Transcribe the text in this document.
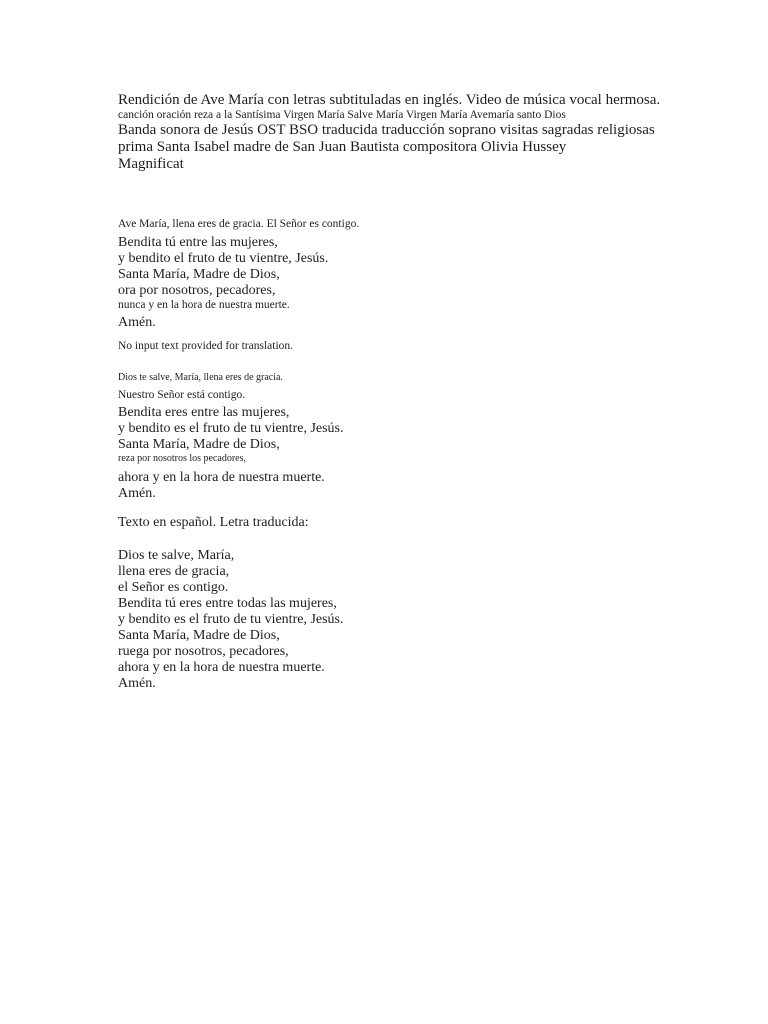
Rendición de Ave María con letras subtituladas en inglés. Video de música vocal hermosa.
canción oración reza a la Santísima Virgen María Salve María Virgen María Avemaría santo Dios
Banda sonora de Jesús OST BSO traducida traducción soprano visitas sagradas religiosas
prima Santa Isabel madre de San Juan Bautista compositora Olivia Hussey
Magnificat
Ave María, llena eres de gracia. El Señor es contigo.
Bendita tú entre las mujeres,
y bendito el fruto de tu vientre, Jesús.
Santa María, Madre de Dios,
ora por nosotros, pecadores,
nunca y en la hora de nuestra muerte.
Amén.
No input text provided for translation.
Dios te salve, María, llena eres de gracia.
Nuestro Señor está contigo.
Bendita eres entre las mujeres,
y bendito es el fruto de tu vientre, Jesús.
Santa María, Madre de Dios,
reza por nosotros los pecadores,
ahora y en la hora de nuestra muerte.
Amén.
Texto en español. Letra traducida:
Dios te salve, María,
llena eres de gracia,
el Señor es contigo.
Bendita tú eres entre todas las mujeres,
y bendito es el fruto de tu vientre, Jesús.
Santa María, Madre de Dios,
ruega por nosotros, pecadores,
ahora y en la hora de nuestra muerte.
Amén.
